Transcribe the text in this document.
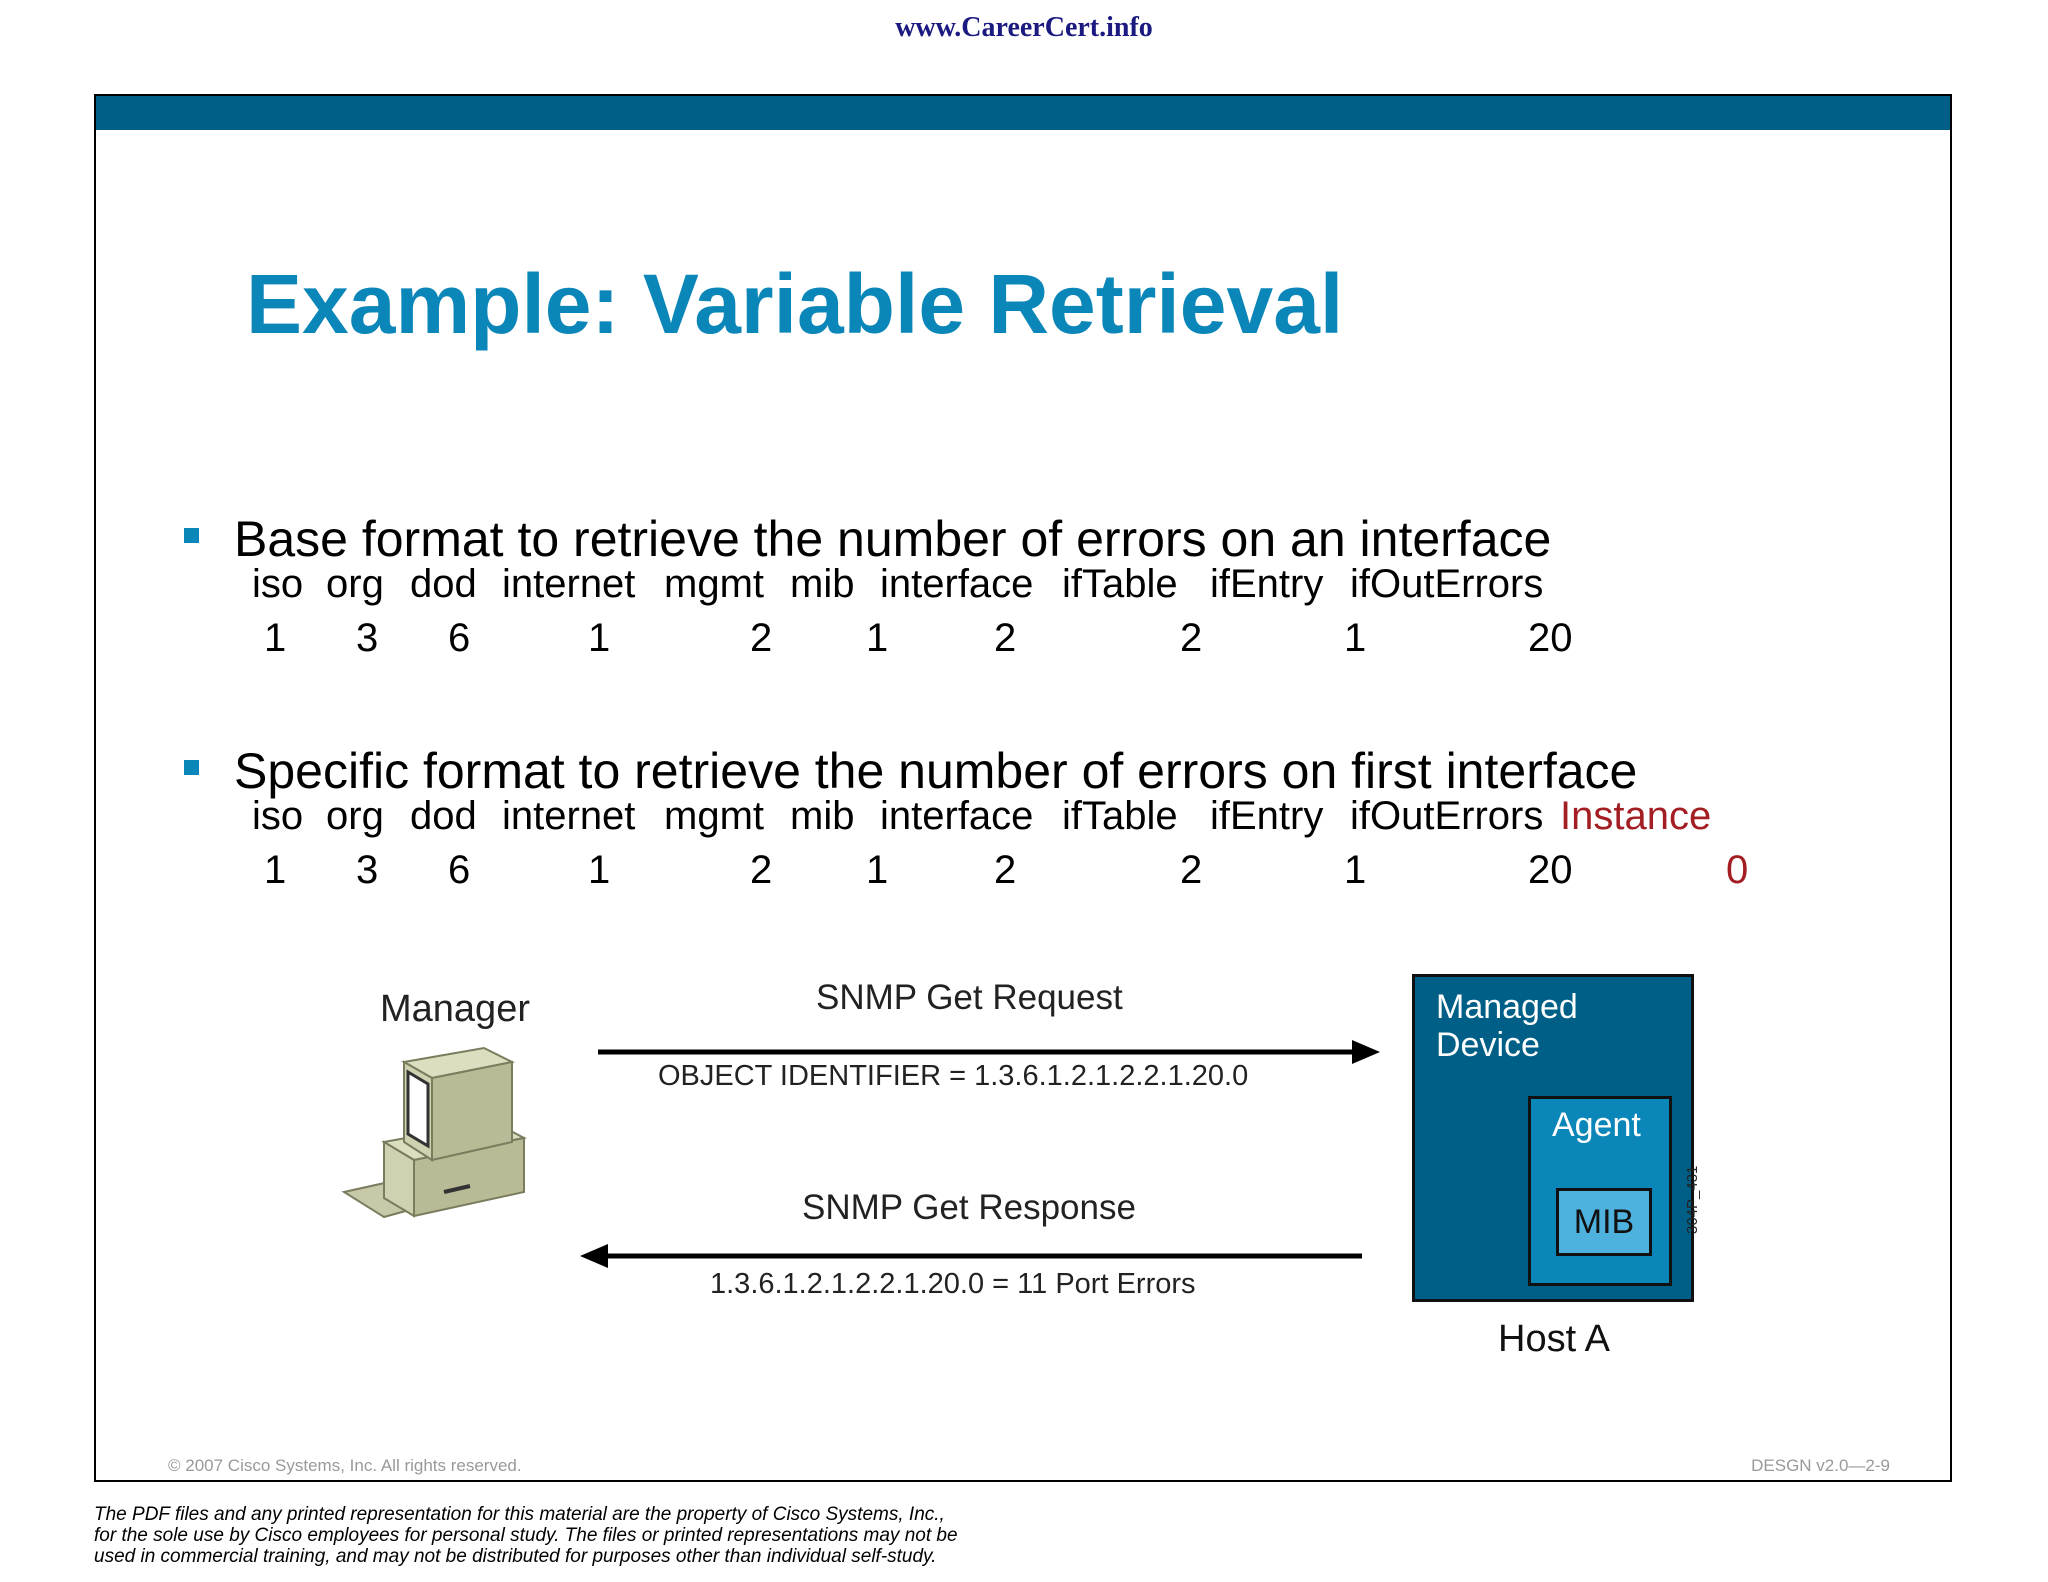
www.CareerCert.info
Example: Variable Retrieval
Base format to retrieve the number of errors on an interface
iso org dod internet mgmt mib interface ifTable ifEntry ifOutErrors
1 3 6	1	2 1	2	2	1	20
Specific format to retrieve the number of errors on first interface
iso org dod internet mgmt mib interface ifTable ifEntry ifOutErrors Instance
1 3 6	1	2 1	2	2	1	20	0
Manager	SNMP Get Request
OBJECT IDENTIFIER = 1.3.6.1.2.1.2.2.1.20.0
SNMP Get Response
1.3.6.1.2.1.2.2.1.20.0 = 11 Port Errors
Managed
Device
Agent
MIB
Host A
304P_431
© 2007 Cisco Systems, Inc. All rights reserved.	DESGN v2.0—2-9
The PDF files and any printed representation for this material are the property of Cisco Systems, Inc.,
for the sole use by Cisco employees for personal study. The files or printed representations may not be
used in commercial training, and may not be distributed for purposes other than individual self-study.
